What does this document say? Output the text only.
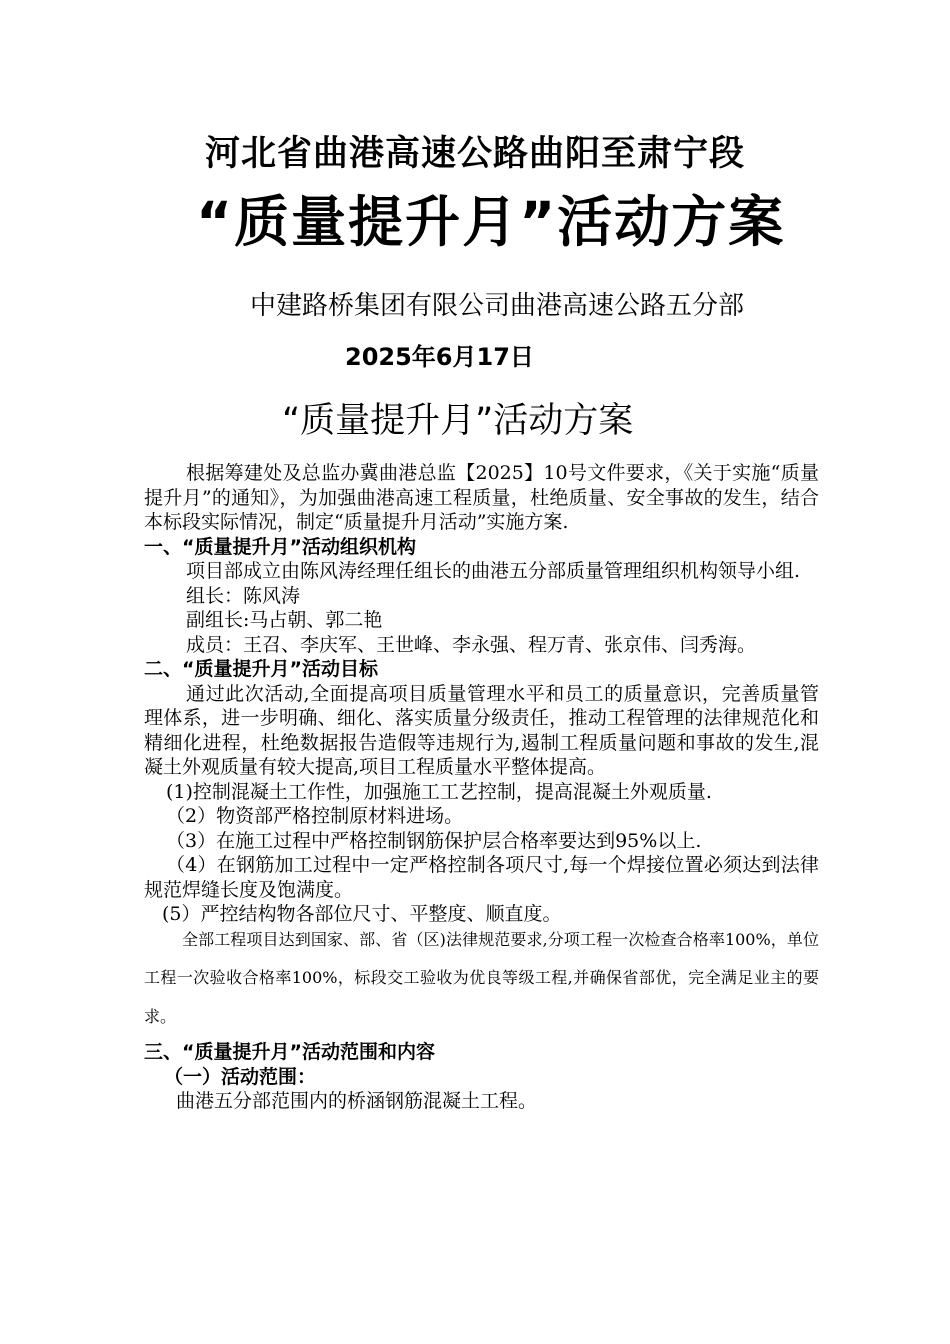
河北省曲港高速公路曲阳至肃宁段
“质量提升月”活动方案
中建路桥集团有限公司曲港高速公路五分部
2025年6月17日
“质量提升月”活动方案

根据筹建处及总监办冀曲港总监【2025】10号文件要求，《关于实施“质量提升月”的通知》，为加强曲港高速工程质量，杜绝质量、安全事故的发生，结合本标段实际情况，制定“质量提升月活动”实施方案.

一、“质量提升月”活动组织机构

项目部成立由陈风涛经理任组长的曲港五分部质量管理组织机构领导小组.

组长：陈风涛

副组长:马占朝、郭二艳

成员：王召、李庆军、王世峰、李永强、程万青、张京伟、闫秀海。

二、“质量提升月”活动目标

通过此次活动,全面提高项目质量管理水平和员工的质量意识，完善质量管理体系，进一步明确、细化、落实质量分级责任，推动工程管理的法律规范化和精细化进程，杜绝数据报告造假等违规行为,遏制工程质量问题和事故的发生,混凝土外观质量有较大提高,项目工程质量水平整体提高。

(1)控制混凝土工作性，加强施工工艺控制，提高混凝土外观质量.

（2）物资部严格控制原材料进场。

（3）在施工过程中严格控制钢筋保护层合格率要达到95%以上.

（4）在钢筋加工过程中一定严格控制各项尺寸,每一个焊接位置必须达到法律规范焊缝长度及饱满度。

(5）严控结构物各部位尺寸、平整度、顺直度。

全部工程项目达到国家、部、省（区)法律规范要求,分项工程一次检查合格率100%，单位工程一次验收合格率100%，标段交工验收为优良等级工程,并确保省部优，完全满足业主的要求。

三、“质量提升月”活动范围和内容

（一）活动范围：

曲港五分部范围内的桥涵钢筋混凝土工程。
